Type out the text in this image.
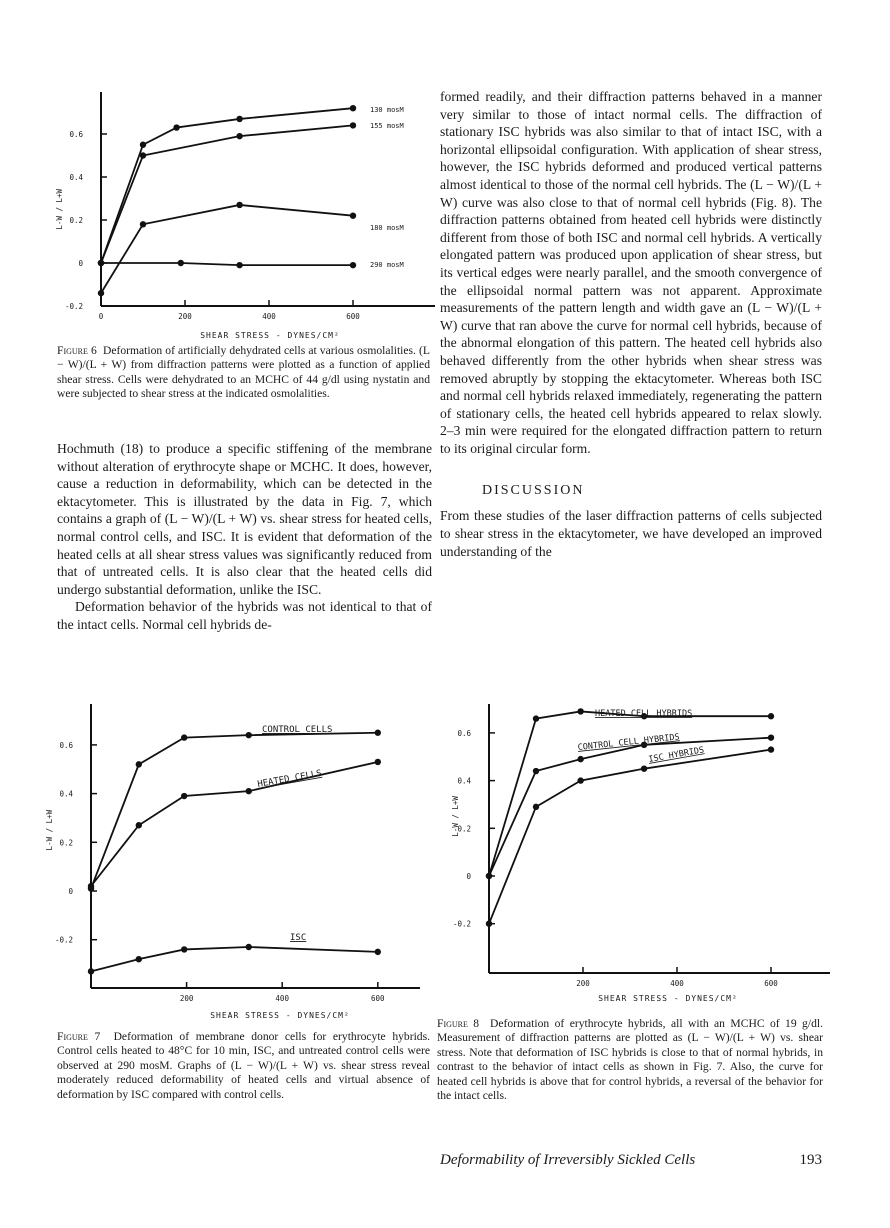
0	200	400	600
-0.2
0
0.2
0.4
0.6
SHEAR STRESS - DYNES/CM²
L-W / L+W
130 mosM
155 mosM
180 mosM
290 mosM

Figure 6 Deformation of artificially dehydrated cells at various osmolalities. (L − W)/(L + W) from diffraction patterns were plotted as a function of applied shear stress. Cells were dehydrated to an MCHC of 44 g/dl using nystatin and were subjected to shear stress at the indicated osmolalities.

Hochmuth (18) to produce a specific stiffening of the membrane without alteration of erythrocyte shape or MCHC. It does, however, cause a reduction in deformability, which can be detected in the ektacytometer. This is illustrated by the data in Fig. 7, which contains a graph of (L − W)/(L + W) vs. shear stress for heated cells, normal control cells, and ISC. It is evident that deformation of the heated cells at all shear stress values was significantly reduced from that of untreated cells. It is also clear that the heated cells did undergo substantial deformation, unlike the ISC.

Deformation behavior of the hybrids was not identical to that of the intact cells. Normal cell hybrids de-

formed readily, and their diffraction patterns behaved in a manner very similar to those of intact normal cells. The diffraction of stationary ISC hybrids was also similar to that of intact ISC, with a horizontal ellipsoidal configuration. With application of shear stress, however, the ISC hybrids deformed and produced vertical patterns almost identical to those of the normal cell hybrids. The (L − W)/(L + W) curve was also close to that of normal cell hybrids (Fig. 8). The diffraction patterns obtained from heated cell hybrids were distinctly different from those of both ISC and normal cell hybrids. A vertically elongated pattern was produced upon application of shear stress, but its vertical edges were nearly parallel, and the smooth convergence of the ellipsoidal normal pattern was not apparent. Approximate measurements of the pattern length and width gave an (L − W)/(L + W) curve that ran above the curve for normal cell hybrids, because of the abnormal elongation of this pattern. The heated cell hybrids also behaved differently from the other hybrids when shear stress was removed abruptly by stopping the ektacytometer. Whereas both ISC and normal cell hybrids relaxed immediately, regenerating the pattern of stationary cells, the heated cell hybrids appeared to relax slowly. 2–3 min were required for the elongated diffraction pattern to return to its original circular form.

DISCUSSION

From these studies of the laser diffraction patterns of cells subjected to shear stress in the ektacytometer, we have developed an improved understanding of the

200	400	600
-0.2
0
0.2
0.4
0.6
SHEAR STRESS - DYNES/CM²
L-W / L+W
CONTROL CELLS
HEATED CELLS
ISC

Figure 7 Deformation of membrane donor cells for erythrocyte hybrids. Control cells heated to 48°C for 10 min, ISC, and untreated control cells were observed at 290 mosM. Graphs of (L − W)/(L + W) vs. shear stress reveal moderately reduced deformability of heated cells and virtual absence of deformation by ISC compared with control cells.

200	400	600
-0.2
0
0.2
0.4
0.6
SHEAR STRESS - DYNES/CM²
L-W / L+W
HEATED CELL HYBRIDS
CONTROL CELL HYBRIDS
ISC HYBRIDS

Figure 8 Deformation of erythrocyte hybrids, all with an MCHC of 19 g/dl. Measurement of diffraction patterns are plotted as (L − W)/(L + W) vs. shear stress. Note that deformation of ISC hybrids is close to that of normal hybrids, in contrast to the behavior of intact cells as shown in Fig. 7. Also, the curve for heated cell hybrids is above that for control hybrids, a reversal of the behavior for the intact cells.

Deformability of Irreversibly Sickled Cells	193
